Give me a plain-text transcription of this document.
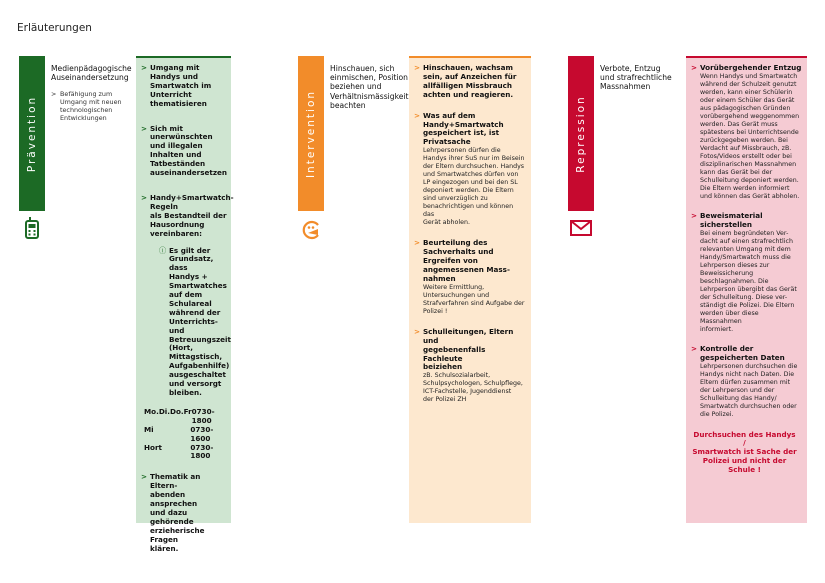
Erläuterungen
Prävention
Medienpädagogische
Auseinandersetzung
> Befähigung zum
Umgang mit neuen
technologischen
Entwicklungen
> Umgang mit Handys und
Smartwatch im
Unterricht thematisieren
> Sich mit unerwünschten
und illegalen Inhalten und
Tatbeständen
auseinandersetzen
> Handy+Smartwatch-Regeln
als Bestandteil der
Hausordnung vereinbaren:
ⓘ Es gilt der
Grundsatz, dass
Handys + Smartwatches
auf dem Schulareal
während der
Unterrichts- und
Betreuungszeit (Hort,
Mittagstisch,
Aufgabenhilfe)
ausgeschaltet
und versorgt
bleiben.
Mo.Di.Do.Fr 0730-1800
Mi	0730-1600
Hort	0730-1800
> Thematik an Eltern-
abenden ansprechen
und dazu gehörende
erzieherische Fragen
klären.
Intervention
Hinschauen, sich
einmischen, Position
beziehen und
Verhältnismässigkeit
beachten
> Hinschauen, wachsam
sein, auf Anzeichen für
allfälligen Missbrauch
achten und reagieren.
> Was auf dem
Handy+Smartwatch
gespeichert ist, ist
Privatsache
Lehrpersonen dürfen die
Handys ihrer SuS nur im Beisein
der Eltern durchsuchen. Handys
und Smartwatches dürfen von
LP eingezogen und bei den SL
deponiert werden. Die Eltern
sind unverzüglich zu
benachrichtigen und können das
Gerät abholen.
> Beurteilung des
Sachverhalts und
Ergreifen von
angemessenen Mass-
nahmen
Weitere Ermittlung,
Untersuchungen und
Strafverfahren sind Aufgabe der
Polizei !
> Schulleitungen, Eltern und
gegebenenfalls Fachleute
beiziehen
zB. Schulsozialarbeit,
Schulpsychologen, Schulpflege,
ICT-Fachstelle, Jugenddienst
der Polizei ZH
Repression
Verbote, Entzug
und strafrechtliche
Massnahmen
> Vorübergehender Entzug
Wenn Handys und Smartwatch
während der Schulzeit genutzt
werden, kann einer Schülerin
oder einem Schüler das Gerät
aus pädagogischen Gründen
vorübergehend weggenommen
werden. Das Gerät muss
spätestens bei Unterrichtsende
zurückgegeben werden. Bei
Verdacht auf Missbrauch, zB.
Fotos/Videos erstellt oder bei
disziplinarischen Massnahmen
kann das Gerät bei der
Schulleitung deponiert werden.
Die Eltern werden informiert
und können das Gerät abholen.
> Beweismaterial
sicherstellen
Bei einem begründeten Ver-
dacht auf einen strafrechtlich
relevanten Umgang mit dem
Handy/Smartwatch muss die
Lehrperson dieses zur
Beweissicherung
beschlagnahmen. Die
Lehrperson übergibt das Gerät
der Schulleitung. Diese ver-
ständigt die Polizei. Die Eltern
werden über diese Massnahmen
informiert.
> Kontrolle der
gespeicherten Daten
Lehrpersonen durchsuchen die
Handys nicht nach Daten. Die
Eltern dürfen zusammen mit
der Lehrperson und der
Schulleitung das Handy/
Smartwatch durchsuchen oder
die Polizei.
Durchsuchen des Handys /
Smartwatch ist Sache der
Polizei und nicht der
Schule !
